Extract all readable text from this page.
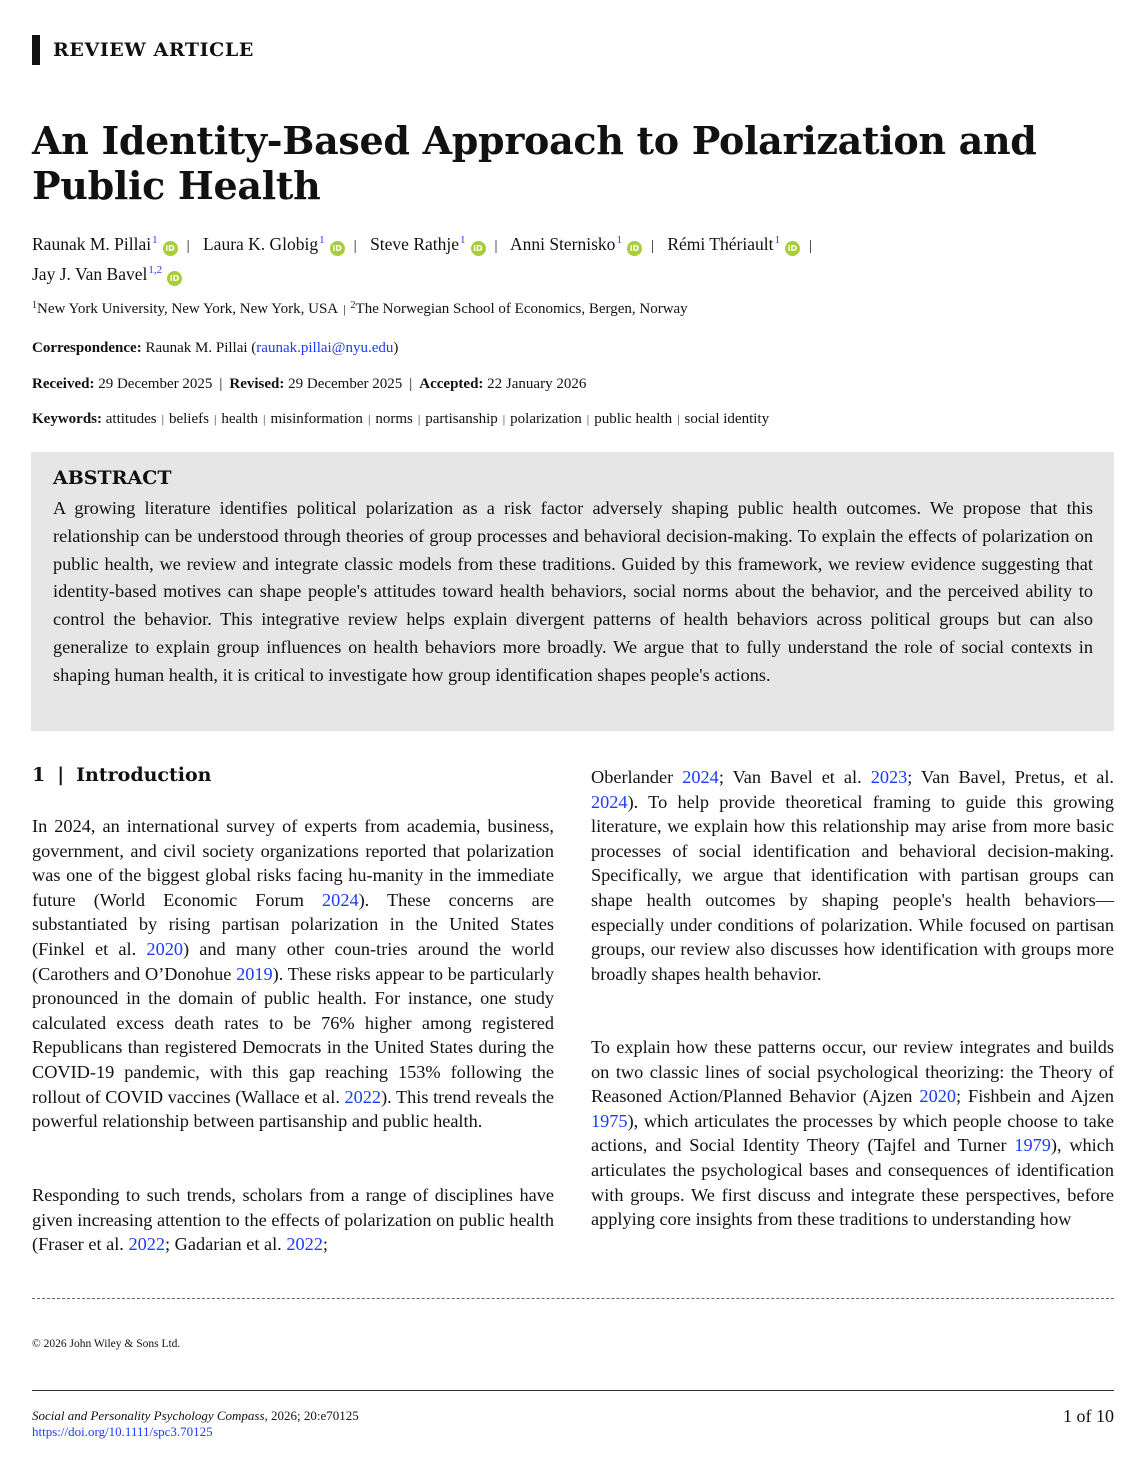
REVIEW ARTICLE
An Identity-Based Approach to Polarization and Public Health
Raunak M. Pillai$^1$iD | Laura K. Globig$^1$iD | Steve Rathje$^1$iD | Anni Sternisko$^1$iD | Rémi Thériault$^1$iD |
Jay J. Van Bavel$^{1,2}$iD
$^1$New York University, New York, New York, USA | $^2$The Norwegian School of Economics, Bergen, Norway
Correspondence: Raunak M. Pillai (raunak.pillai@nyu.edu)
Received: 29 December 2025 | Revised: 29 December 2025 | Accepted: 22 January 2026
Keywords: attitudes | beliefs | health | misinformation | norms | partisanship | polarization | public health | social identity
ABSTRACT

A growing literature identifies political polarization as a risk factor adversely shaping public health outcomes. We propose that this relationship can be understood through theories of group processes and behavioral decision-making. To explain the effects of polarization on public health, we review and integrate classic models from these traditions. Guided by this framework, we review evidence suggesting that identity-based motives can shape people's attitudes toward health behaviors, social norms about the behavior, and the perceived ability to control the behavior. This integrative review helps explain divergent patterns of health behaviors across political groups but can also generalize to explain group influences on health behaviors more broadly. We argue that to fully understand the role of social contexts in shaping human health, it is critical to investigate how group identification shapes people's actions.

1 | Introduction

In 2024, an international survey of experts from academia, business, government, and civil society organizations reported that polarization was one of the biggest global risks facing hu-manity in the immediate future (World Economic Forum 2024). These concerns are substantiated by rising partisan polarization in the United States (Finkel et al. 2020) and many other coun-tries around the world (Carothers and O’Donohue 2019). These risks appear to be particularly pronounced in the domain of public health. For instance, one study calculated excess death rates to be 76% higher among registered Republicans than registered Democrats in the United States during the COVID-19 pandemic, with this gap reaching 153% following the rollout of COVID vaccines (Wallace et al. 2022). This trend reveals the powerful relationship between partisanship and public health.

Responding to such trends, scholars from a range of disciplines have given increasing attention to the effects of polarization on public health (Fraser et al. 2022; Gadarian et al. 2022;

Oberlander 2024; Van Bavel et al. 2023; Van Bavel, Pretus, et al. 2024). To help provide theoretical framing to guide this growing literature, we explain how this relationship may arise from more basic processes of social identification and behavioral decision-making. Specifically, we argue that identification with partisan groups can shape health outcomes by shaping people's health behaviors—especially under conditions of polarization. While focused on partisan groups, our review also discusses how identification with groups more broadly shapes health behavior.

To explain how these patterns occur, our review integrates and builds on two classic lines of social psychological theorizing: the Theory of Reasoned Action/Planned Behavior (Ajzen 2020; Fishbein and Ajzen 1975), which articulates the processes by which people choose to take actions, and Social Identity Theory (Tajfel and Turner 1979), which articulates the psychological bases and consequences of identification with groups. We first discuss and integrate these perspectives, before applying core insights from these traditions to understanding how

© 2026 John Wiley & Sons Ltd.
Social and Personality Psychology Compass, 2026; 20:e70125
https://doi.org/10.1111/spc3.70125
1 of 10
